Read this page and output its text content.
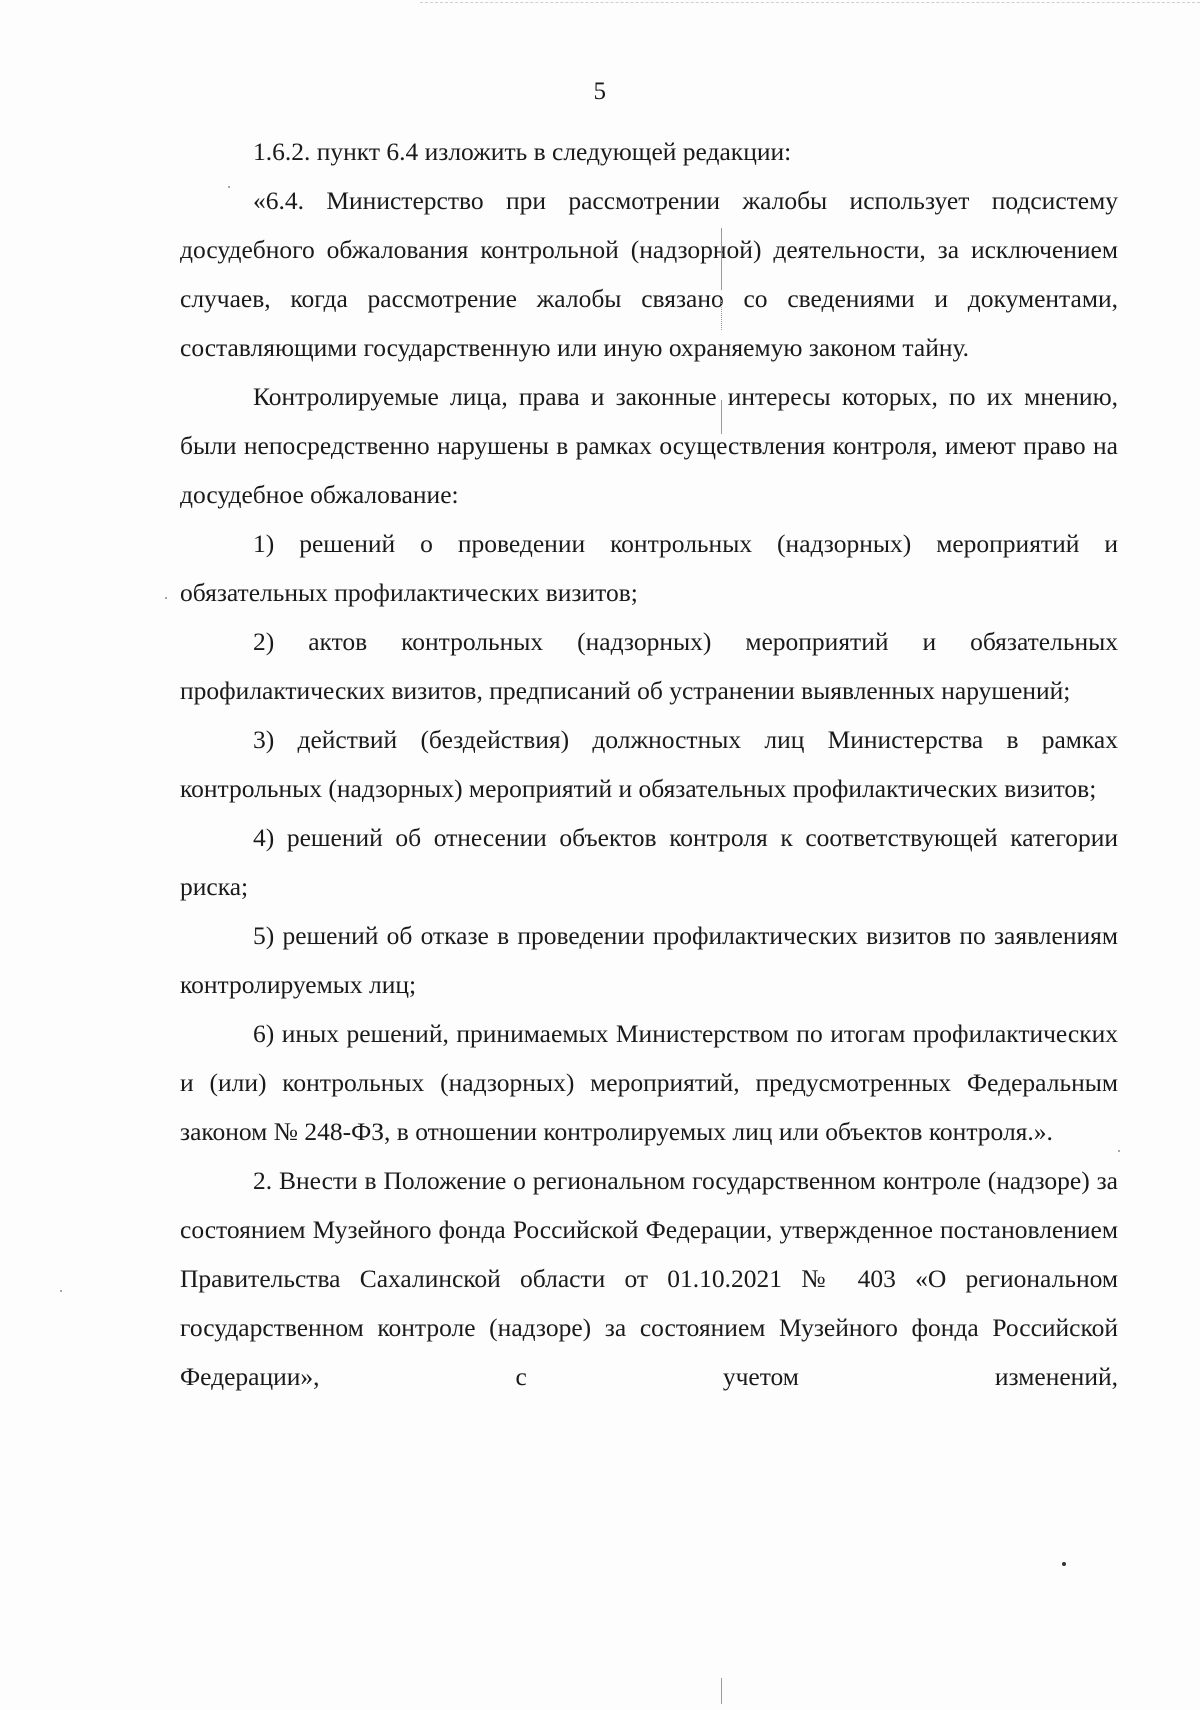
5

1.6.2. пункт 6.4 изложить в следующей редакции:

«6.4. Министерство при рассмотрении жалобы использует подсистему досудебного обжалования контрольной (надзорной) деятельности, за исключением случаев, когда рассмотрение жалобы связано со сведениями и документами, составляющими государственную или иную охраняемую законом тайну.

Контролируемые лица, права и законные интересы которых, по их мнению, были непосредственно нарушены в рамках осуществления контроля, имеют право на досудебное обжалование:

1) решений о проведении контрольных (надзорных) мероприятий и обязательных профилактических визитов;

2) актов контрольных (надзорных) мероприятий и обязательных профилактических визитов, предписаний об устранении выявленных нарушений;

3) действий (бездействия) должностных лиц Министерства в рамках контрольных (надзорных) мероприятий и обязательных профилактических визитов;

4) решений об отнесении объектов контроля к соответствующей категории риска;

5) решений об отказе в проведении профилактических визитов по заявлениям контролируемых лиц;

6) иных решений, принимаемых Министерством по итогам профилактических и (или) контрольных (надзорных) мероприятий, предусмотренных Федеральным законом № 248-ФЗ, в отношении контролируемых лиц или объектов контроля.».

2. Внести в Положение о региональном государственном контроле (надзоре) за состоянием Музейного фонда Российской Федерации, утвержденное постановлением Правительства Сахалинской области от 01.10.2021 № 403 «О региональном государственном контроле (надзоре) за состоянием Музейного фонда Российской Федерации», с учетом изменений,
